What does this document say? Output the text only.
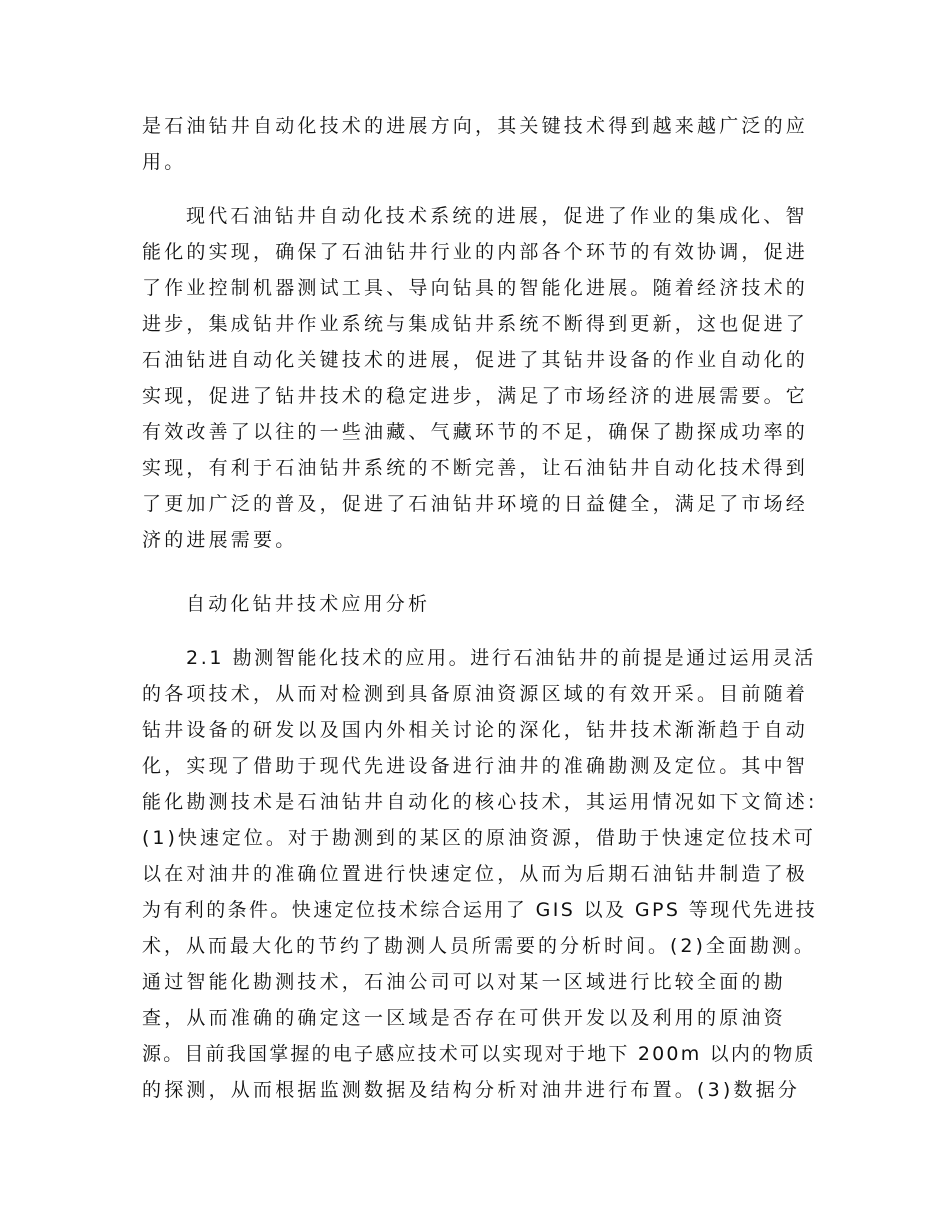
是石油钻井自动化技术的进展方向，其关键技术得到越来越广泛的应
用。
现代石油钻井自动化技术系统的进展，促进了作业的集成化、智
能化的实现，确保了石油钻井行业的内部各个环节的有效协调，促进
了作业控制机器测试工具、导向钻具的智能化进展。随着经济技术的
进步，集成钻井作业系统与集成钻井系统不断得到更新，这也促进了
石油钻进自动化关键技术的进展，促进了其钻井设备的作业自动化的
实现，促进了钻井技术的稳定进步，满足了市场经济的进展需要。它
有效改善了以往的一些油藏、气藏环节的不足，确保了勘探成功率的
实现，有利于石油钻井系统的不断完善，让石油钻井自动化技术得到
了更加广泛的普及，促进了石油钻井环境的日益健全，满足了市场经
济的进展需要。
自动化钻井技术应用分析
2.1 勘测智能化技术的应用。进行石油钻井的前提是通过运用灵活
的各项技术，从而对检测到具备原油资源区域的有效开采。目前随着
钻井设备的研发以及国内外相关讨论的深化，钻井技术渐渐趋于自动
化，实现了借助于现代先进设备进行油井的准确勘测及定位。其中智
能化勘测技术是石油钻井自动化的核心技术，其运用情况如下文简述:
(1)快速定位。对于勘测到的某区的原油资源，借助于快速定位技术可
以在对油井的准确位置进行快速定位，从而为后期石油钻井制造了极
为有利的条件。快速定位技术综合运用了 GIS 以及 GPS 等现代先进技
术，从而最大化的节约了勘测人员所需要的分析时间。(2)全面勘测。
通过智能化勘测技术，石油公司可以对某一区域进行比较全面的勘
查，从而准确的确定这一区域是否存在可供开发以及利用的原油资
源。目前我国掌握的电子感应技术可以实现对于地下 200m 以内的物质
的探测，从而根据监测数据及结构分析对油井进行布置。(3)数据分
